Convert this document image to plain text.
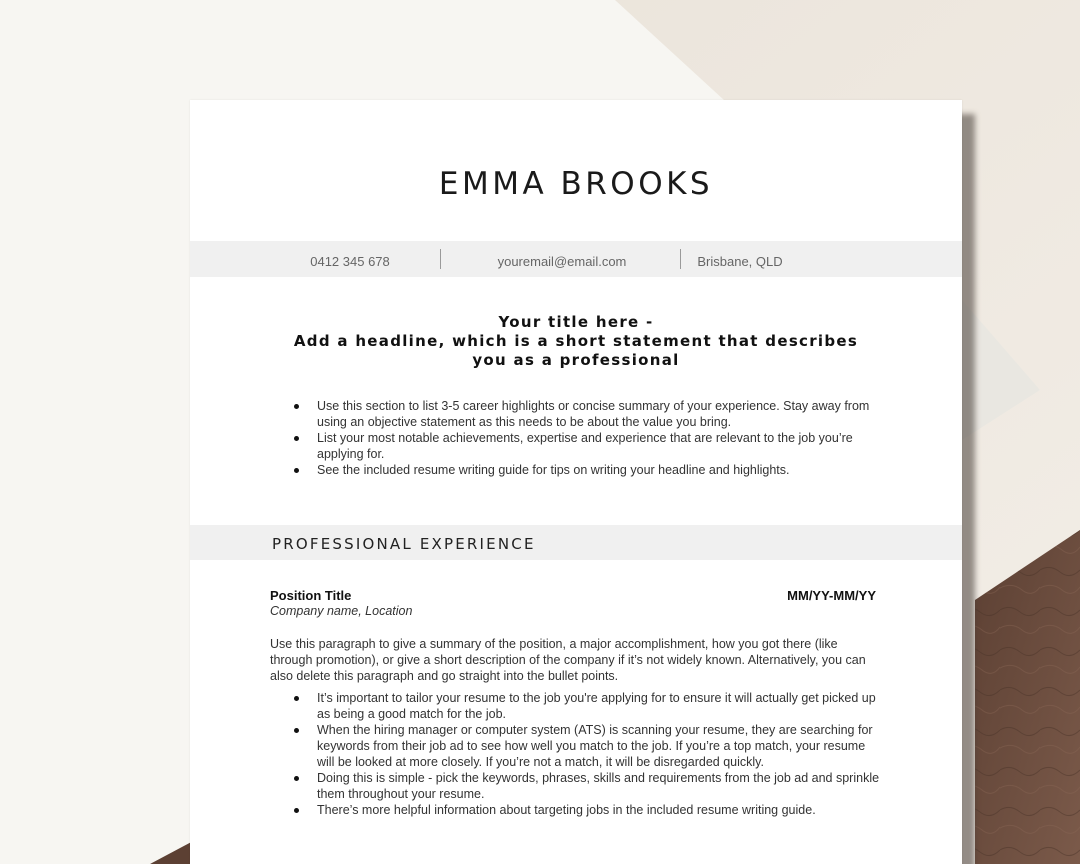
EMMA BROOKS
0412 345 678	youremail@email.com	Brisbane, QLD
Your title here -
Add a headline, which is a short statement that describes
you as a professional
Use this section to list 3-5 career highlights or concise summary of your experience. Stay away from using an objective statement as this needs to be about the value you bring.
List your most notable achievements, expertise and experience that are relevant to the job you’re applying for.
See the included resume writing guide for tips on writing your headline and highlights.
PROFESSIONAL EXPERIENCE
Position Title	MM/YY-MM/YY
Company name, Location
Use this paragraph to give a summary of the position, a major accomplishment, how you got there (like through promotion), or give a short description of the company if it’s not widely known. Alternatively, you can also delete this paragraph and go straight into the bullet points.
It’s important to tailor your resume to the job you're applying for to ensure it will actually get picked up as being a good match for the job.
When the hiring manager or computer system (ATS) is scanning your resume, they are searching for keywords from their job ad to see how well you match to the job. If you’re a top match, your resume will be looked at more closely. If you’re not a match, it will be disregarded quickly.
Doing this is simple - pick the keywords, phrases, skills and requirements from the job ad and sprinkle them throughout your resume.
There’s more helpful information about targeting jobs in the included resume writing guide.
